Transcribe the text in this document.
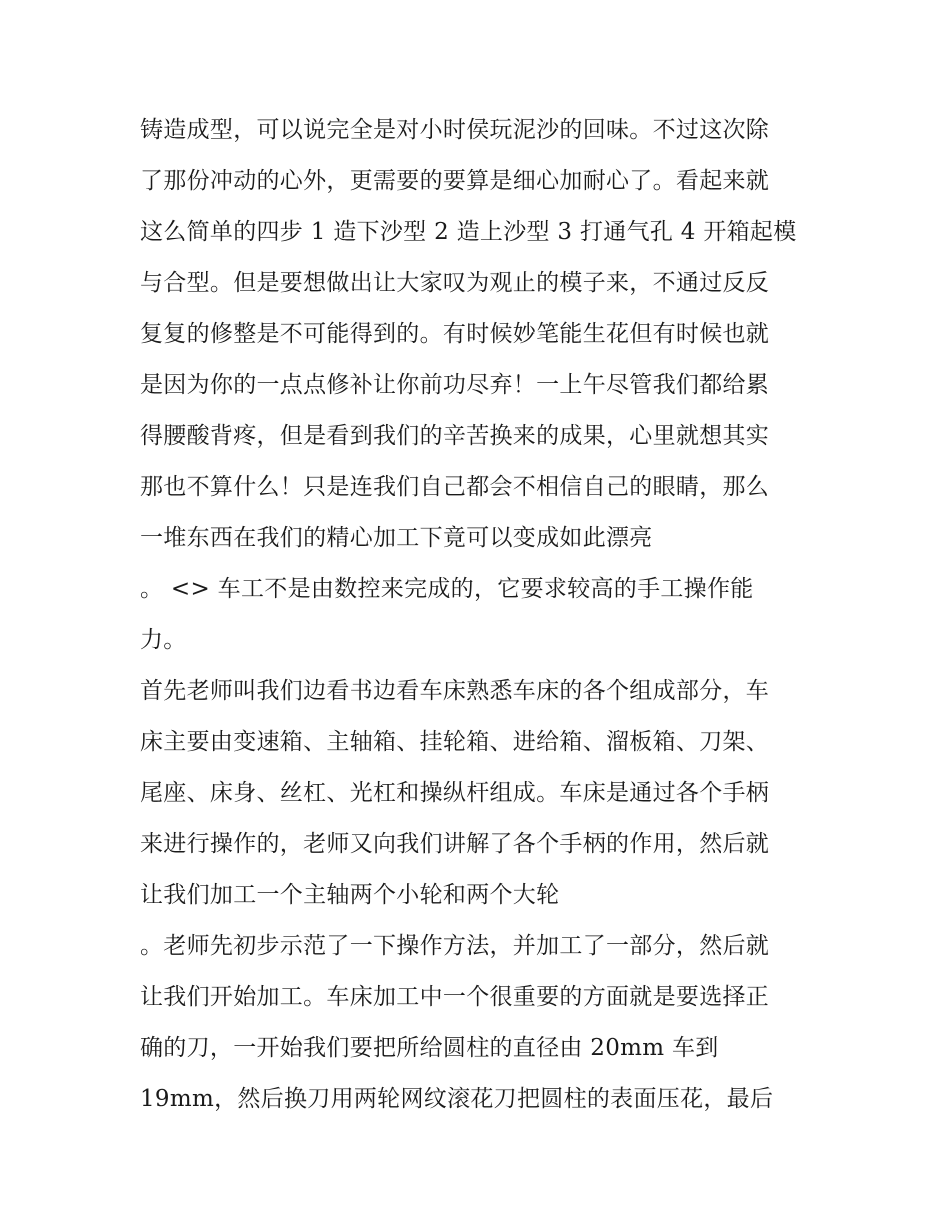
铸造成型，可以说完全是对小时侯玩泥沙的回味。不过这次除
了那份冲动的心外，更需要的要算是细心加耐心了。看起来就
这么简单的四步 1 造下沙型 2 造上沙型 3 打通气孔 4 开箱起模
与合型。但是要想做出让大家叹为观止的模子来，不通过反反
复复的修整是不可能得到的。有时候妙笔能生花但有时候也就
是因为你的一点点修补让你前功尽弃！一上午尽管我们都给累
得腰酸背疼，但是看到我们的辛苦换来的成果，心里就想其实
那也不算什么！只是连我们自己都会不相信自己的眼睛，那么
一堆东西在我们的精心加工下竟可以变成如此漂亮
。 <> 车工不是由数控来完成的，它要求较高的手工操作能
力。
首先老师叫我们边看书边看车床熟悉车床的各个组成部分，车
床主要由变速箱、主轴箱、挂轮箱、进给箱、溜板箱、刀架、
尾座、床身、丝杠、光杠和操纵杆组成。车床是通过各个手柄
来进行操作的，老师又向我们讲解了各个手柄的作用，然后就
让我们加工一个主轴两个小轮和两个大轮
。老师先初步示范了一下操作方法，并加工了一部分，然后就
让我们开始加工。车床加工中一个很重要的方面就是要选择正
确的刀，一开始我们要把所给圆柱的直径由 20mm 车到
19mm，然后换刀用两轮网纹滚花刀把圆柱的表面压花，最后
